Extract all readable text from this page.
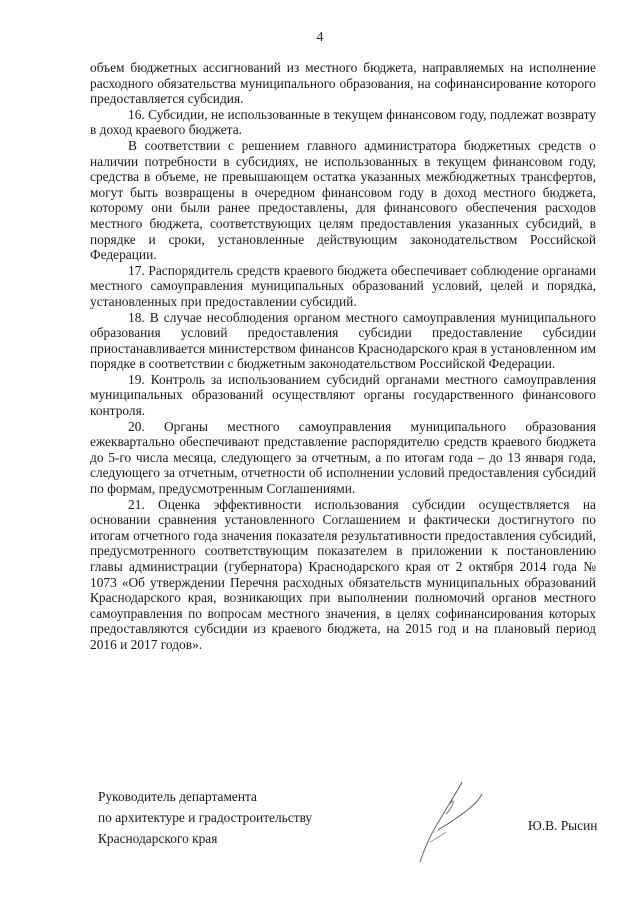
4

объем бюджетных ассигнований из местного бюджета, направляемых на исполнение расходного обязательства муниципального образования, на софинансирование которого предоставляется субсидия.

16. Субсидии, не использованные в текущем финансовом году, подлежат возврату в доход краевого бюджета.

В соответствии с решением главного администратора бюджетных средств о наличии потребности в субсидиях, не использованных в текущем финансовом году, средства в объеме, не превышающем остатка указанных межбюджетных трансфертов, могут быть возвращены в очередном финансовом году в доход местного бюджета, которому они были ранее предоставлены, для финансового обеспечения расходов местного бюджета, соответствующих целям предоставления указанных субсидий, в порядке и сроки, установленные действующим законодательством Российской Федерации.

17. Распорядитель средств краевого бюджета обеспечивает соблюдение органами местного самоуправления муниципальных образований условий, целей и порядка, установленных при предоставлении субсидий.

18. В случае несоблюдения органом местного самоуправления муниципального образования условий предоставления субсидии предоставление субсидии приостанавливается министерством финансов Краснодарского края в установленном им порядке в соответствии с бюджетным законодательством Российской Федерации.

19. Контроль за использованием субсидий органами местного самоуправления муниципальных образований осуществляют органы государственного финансового контроля.

20. Органы местного самоуправления муниципального образования ежеквартально обеспечивают представление распорядителю средств краевого бюджета до 5-го числа месяца, следующего за отчетным, а по итогам года – до 13 января года, следующего за отчетным, отчетности об исполнении условий предоставления субсидий по формам, предусмотренным Соглашениями.

21. Оценка эффективности использования субсидии осуществляется на основании сравнения установленного Соглашением и фактически достигнутого по итогам отчетного года значения показателя результативности предоставления субсидий, предусмотренного соответствующим показателем в приложении к постановлению главы администрации (губернатора) Краснодарского края от 2 октября 2014 года № 1073 «Об утверждении Перечня расходных обязательств муниципальных образований Краснодарского края, возникающих при выполнении полномочий органов местного самоуправления по вопросам местного значения, в целях софинансирования которых предоставляются субсидии из краевого бюджета, на 2015 год и на плановый период 2016 и 2017 годов».

Руководитель департамента
по архитектуре и градостроительству
Краснодарского края
Ю.В. Рысин
